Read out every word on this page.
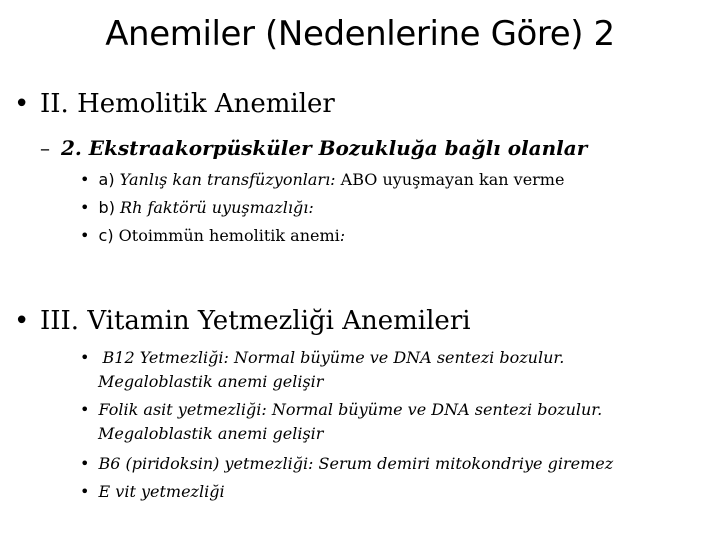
Anemiler (Nedenlerine Göre) 2
• II. Hemolitik Anemiler
– 2. Ekstraakorpüsküler Bozukluğa bağlı olanlar
• a) Yanlış kan transfüzyonları: ABO uyuşmayan kan verme
• b) Rh faktörü uyuşmazlığı:
• c) Otoimmün hemolitik anemi:
• III. Vitamin Yetmezliği Anemileri
• B12 Yetmezliği: Normal büyüme ve DNA sentezi bozulur.
Megaloblastik anemi gelişir
• Folik asit yetmezliği: Normal büyüme ve DNA sentezi bozulur.
Megaloblastik anemi gelişir
• B6 (piridoksin) yetmezliği: Serum demiri mitokondriye giremez
• E vit yetmezliği
